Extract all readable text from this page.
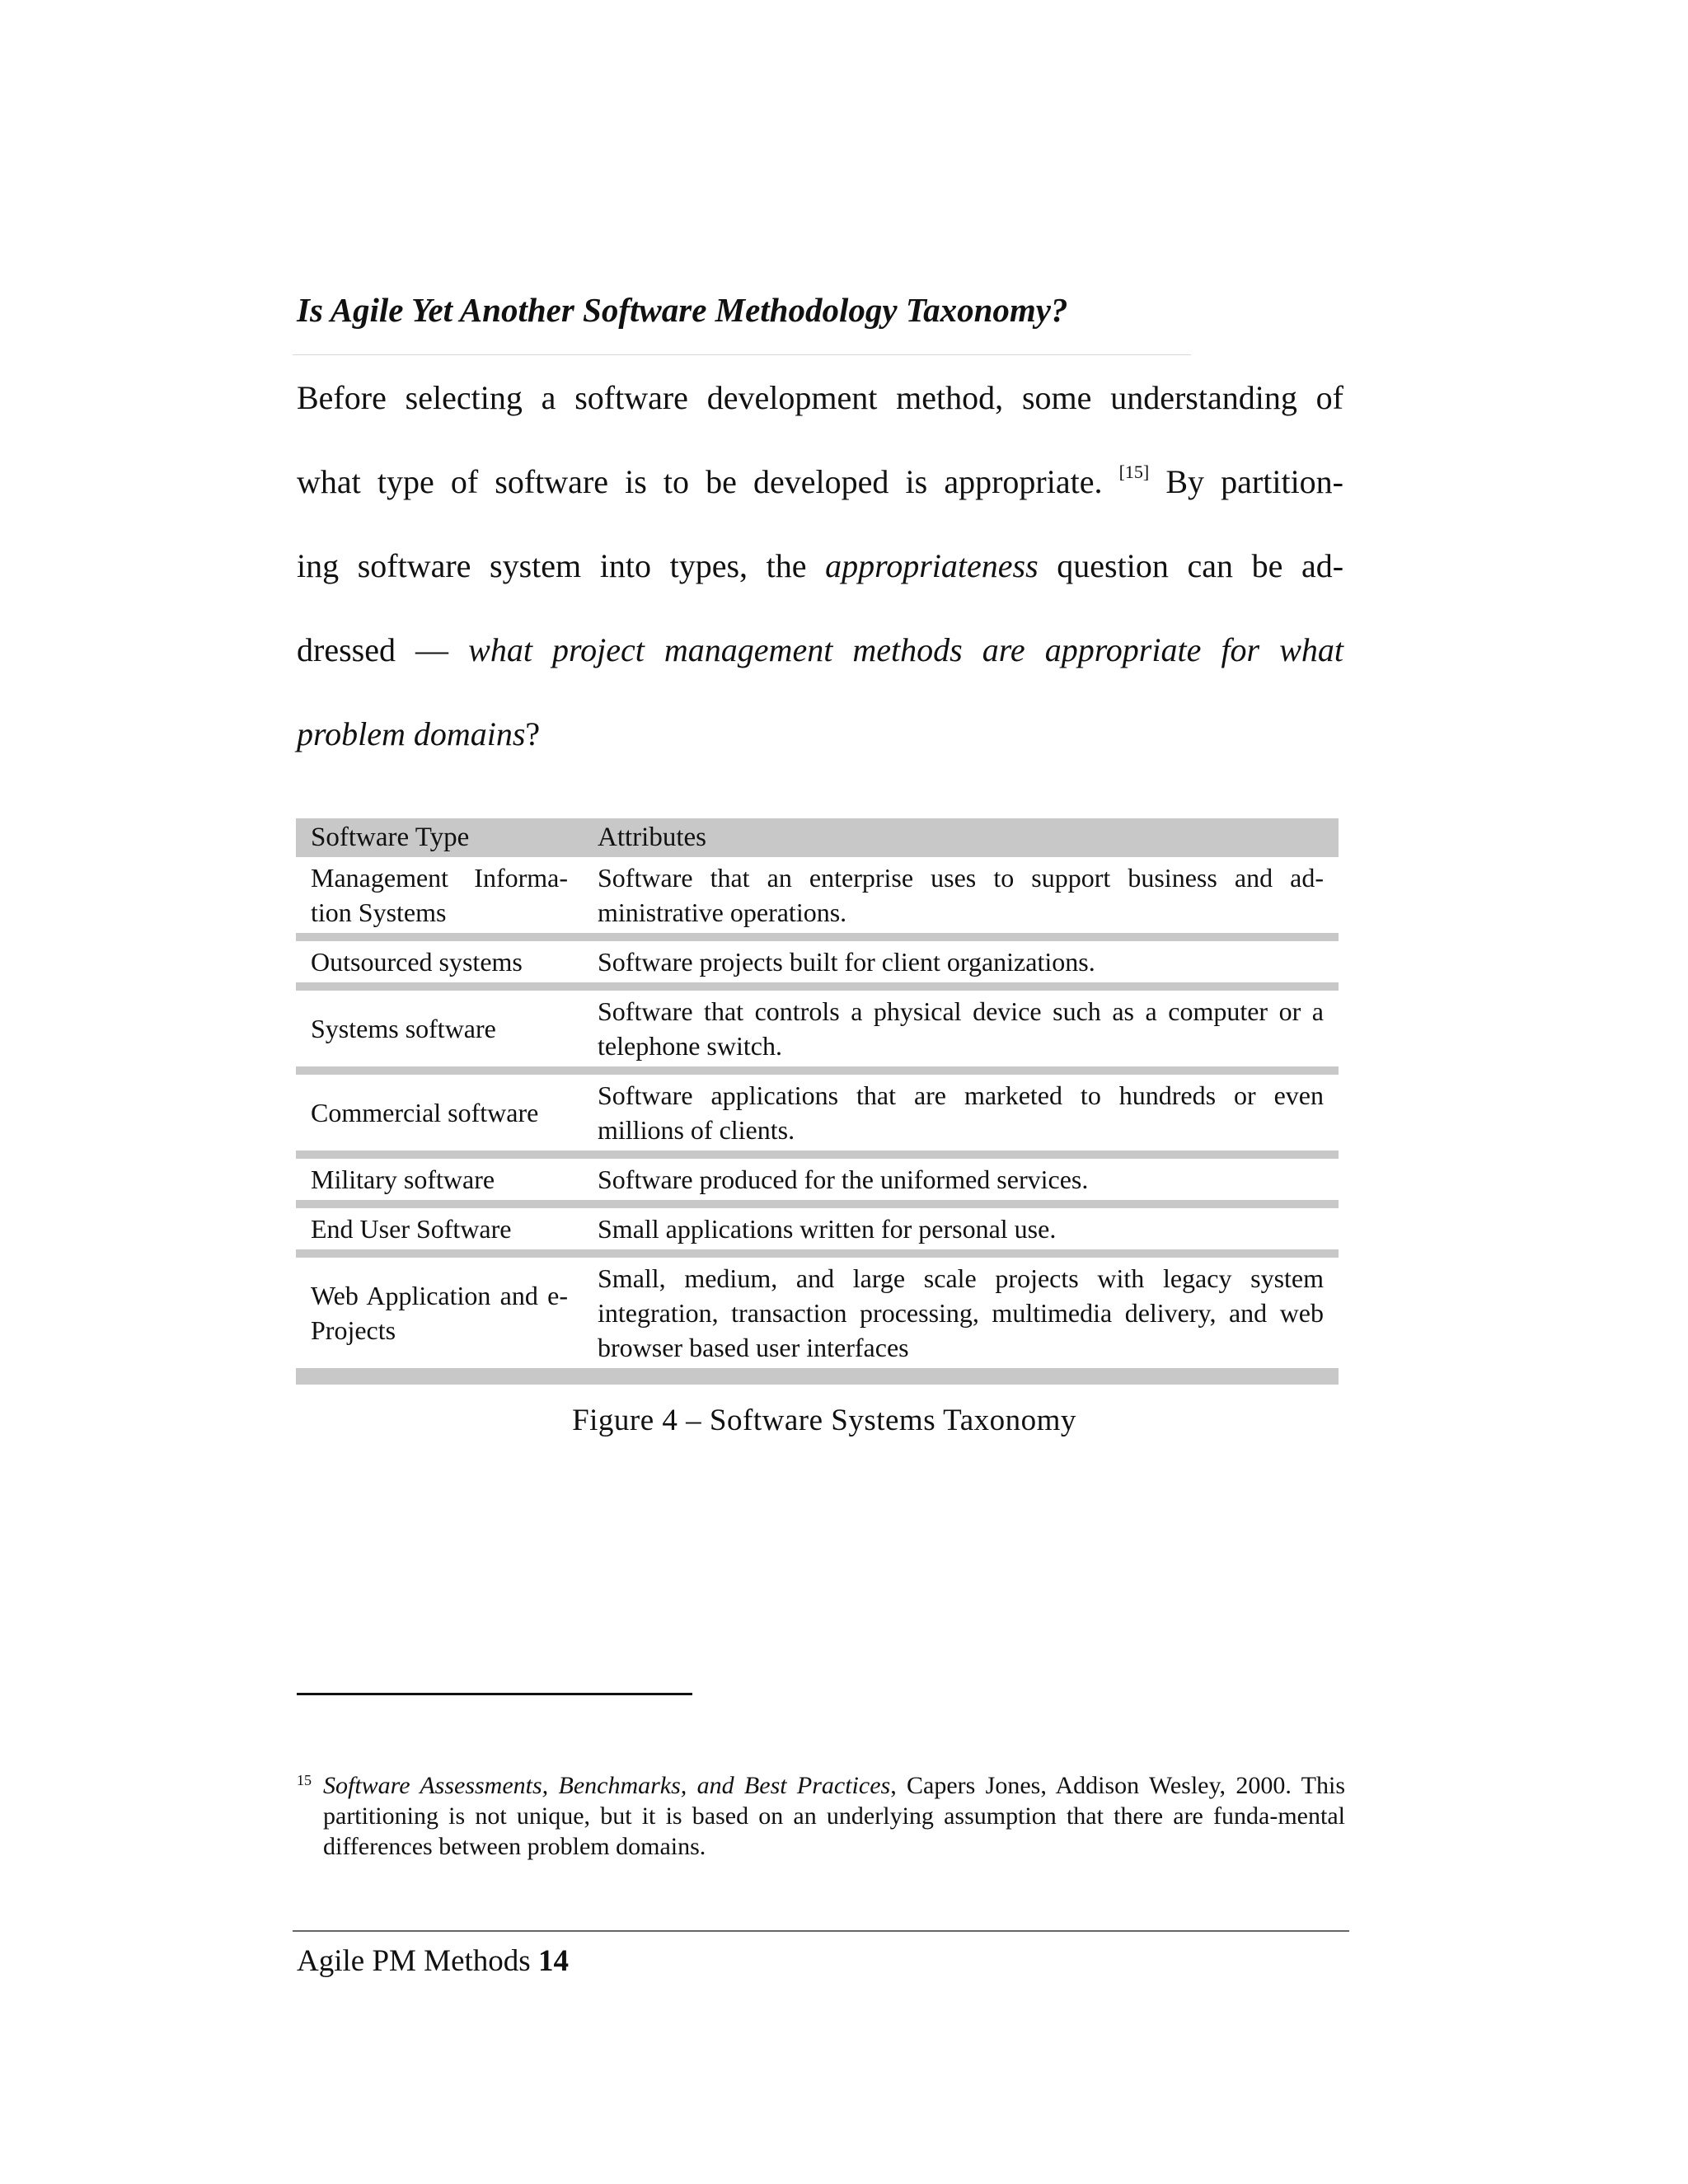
Is Agile Yet Another Software Methodology Taxonomy?
Before selecting a software development method, some understanding of
what type of software is to be developed is appropriate. [15] By partition-
ing software system into types, the appropriateness question can be ad-
dressed — what project management methods are appropriate for what
problem domains?
Software Type	Attributes
Management Informa-tion Systems	Software that an enterprise uses to support business and ad-ministrative operations.
Outsourced systems	Software projects built for client organizations.
Systems software	Software that controls a physical device such as a computer or a telephone switch.
Commercial software	Software applications that are marketed to hundreds or even millions of clients.
Military software	Software produced for the uniformed services.
End User Software	Small applications written for personal use.
Web Application and e- Projects	Small, medium, and large scale projects with legacy system integration, transaction processing, multimedia delivery, and web browser based user interfaces
Figure 4 – Software Systems Taxonomy
15 Software Assessments, Benchmarks, and Best Practices, Capers Jones, Addison Wesley, 2000. This partitioning is not unique, but it is based on an underlying assumption that there are funda-mental differences between problem domains.
Agile PM Methods 14
